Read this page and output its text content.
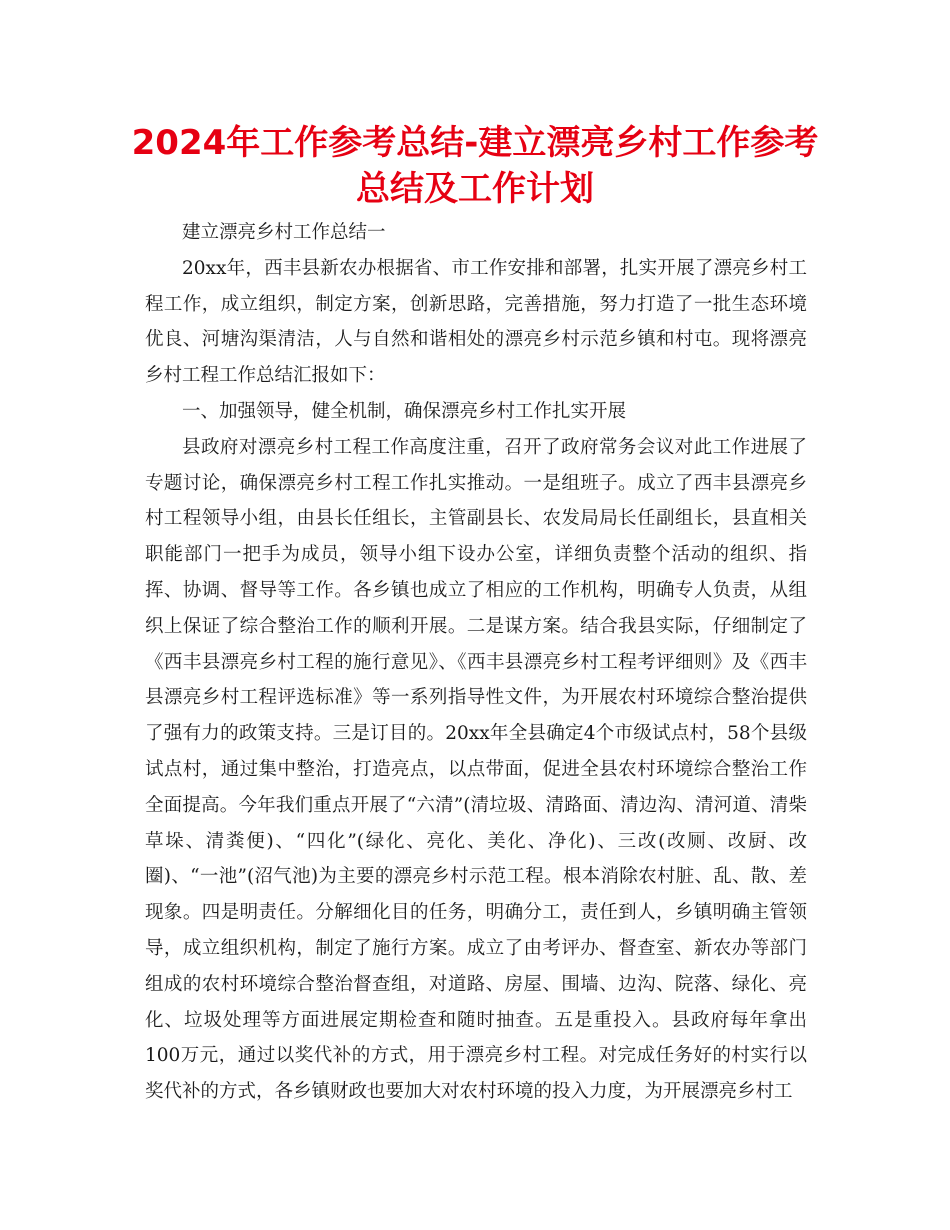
2024年工作参考总结-建立漂亮乡村工作参考总结及工作计划

建立漂亮乡村工作总结一

20xx年，西丰县新农办根据省、市工作安排和部署，扎实开展了漂亮乡村工程工作，成立组织，制定方案，创新思路，完善措施，努力打造了一批生态环境优良、河塘沟渠清洁，人与自然和谐相处的漂亮乡村示范乡镇和村屯。现将漂亮乡村工程工作总结汇报如下：

一、加强领导，健全机制，确保漂亮乡村工作扎实开展

县政府对漂亮乡村工程工作高度注重，召开了政府常务会议对此工作进展了专题讨论，确保漂亮乡村工程工作扎实推动。一是组班子。成立了西丰县漂亮乡村工程领导小组，由县长任组长，主管副县长、农发局局长任副组长，县直相关职能部门一把手为成员，领导小组下设办公室，详细负责整个活动的组织、指挥、协调、督导等工作。各乡镇也成立了相应的工作机构，明确专人负责，从组织上保证了综合整治工作的顺利开展。二是谋方案。结合我县实际，仔细制定了《西丰县漂亮乡村工程的施行意见》、《西丰县漂亮乡村工程考评细则》及《西丰县漂亮乡村工程评选标准》等一系列指导性文件，为开展农村环境综合整治提供了强有力的政策支持。三是订目的。20xx年全县确定4个市级试点村，58个县级试点村，通过集中整治，打造亮点，以点带面，促进全县农村环境综合整治工作全面提高。今年我们重点开展了“六清”(清垃圾、清路面、清边沟、清河道、清柴草垛、清粪便)、“四化”(绿化、亮化、美化、净化)、三改(改厕、改厨、改圈)、“一池”(沼气池)为主要的漂亮乡村示范工程。根本消除农村脏、乱、散、差现象。四是明责任。分解细化目的任务，明确分工，责任到人，乡镇明确主管领导，成立组织机构，制定了施行方案。成立了由考评办、督查室、新农办等部门组成的农村环境综合整治督查组，对道路、房屋、围墙、边沟、院落、绿化、亮化、垃圾处理等方面进展定期检查和随时抽查。五是重投入。县政府每年拿出100万元，通过以奖代补的方式，用于漂亮乡村工程。对完成任务好的村实行以奖代补的方式，各乡镇财政也要加大对农村环境的投入力度，为开展漂亮乡村工
